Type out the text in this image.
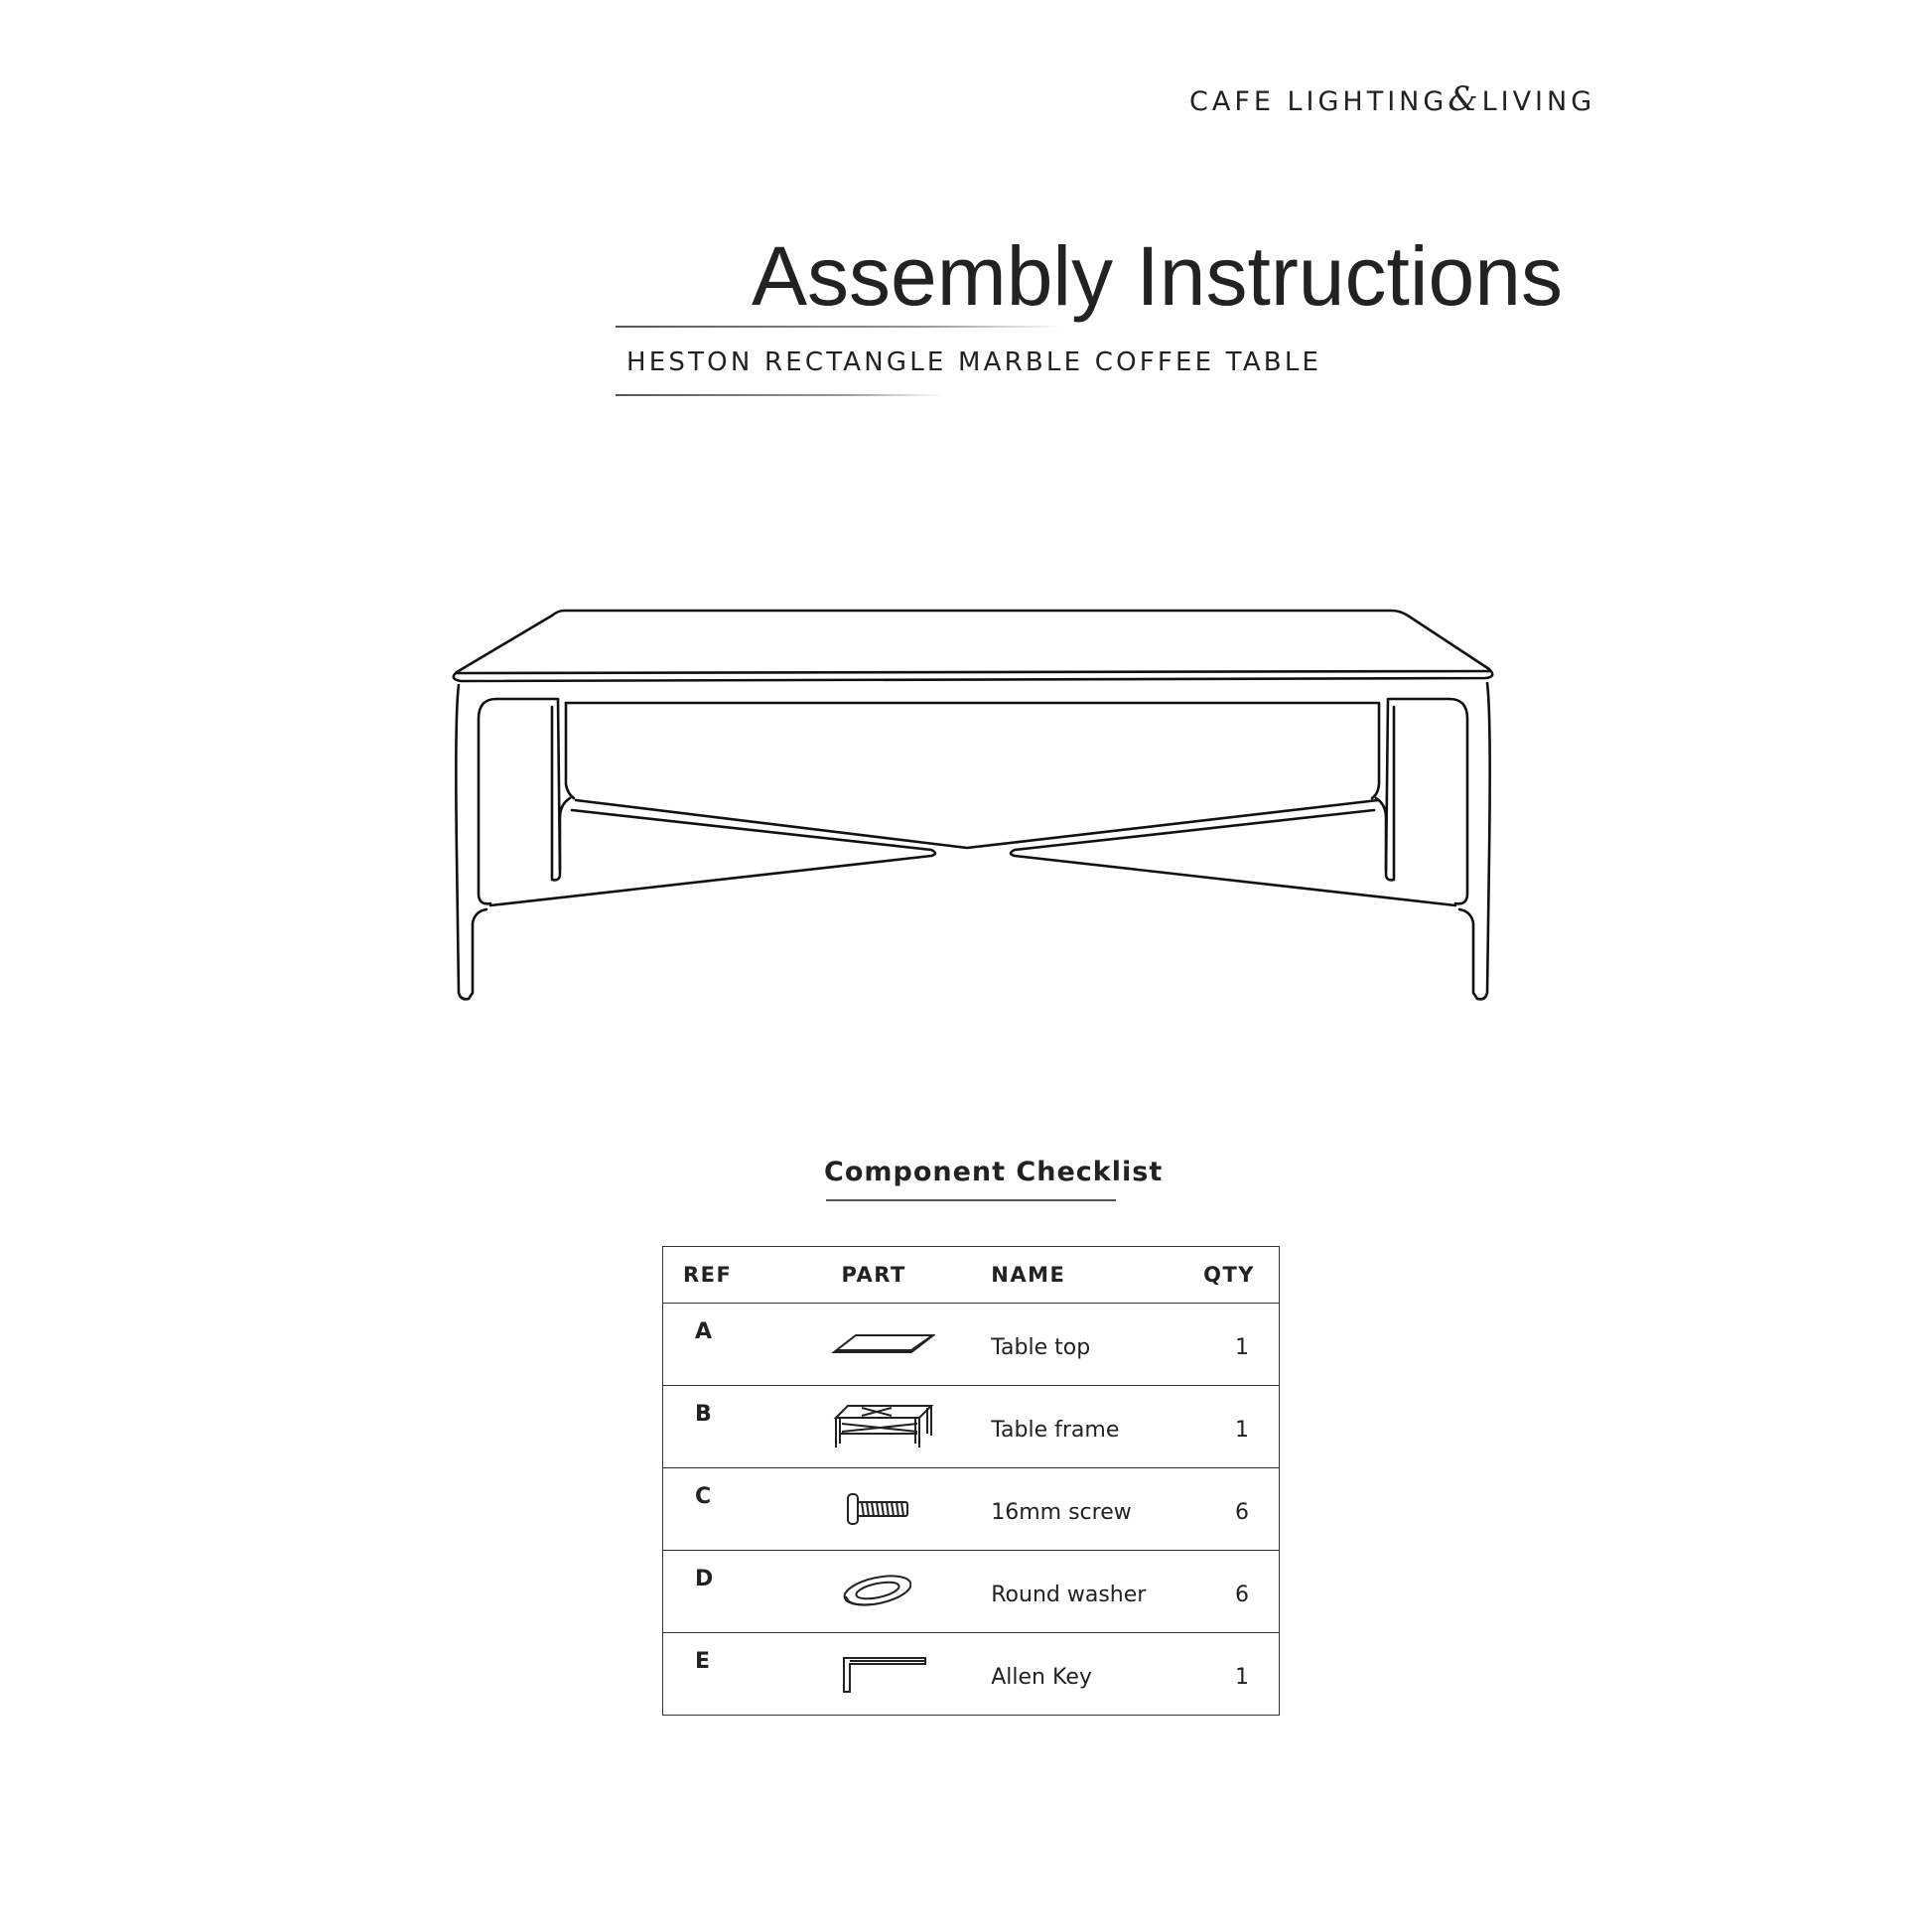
CAFE LIGHTING & LIVING
Assembly Instructions
HESTON RECTANGLE MARBLE COFFEE TABLE
Component Checklist
REF	PART	NAME	QTY
A		Table top	1
B		Table frame	1
C		16mm screw	6
D		Round washer	6
E		Allen Key	1
